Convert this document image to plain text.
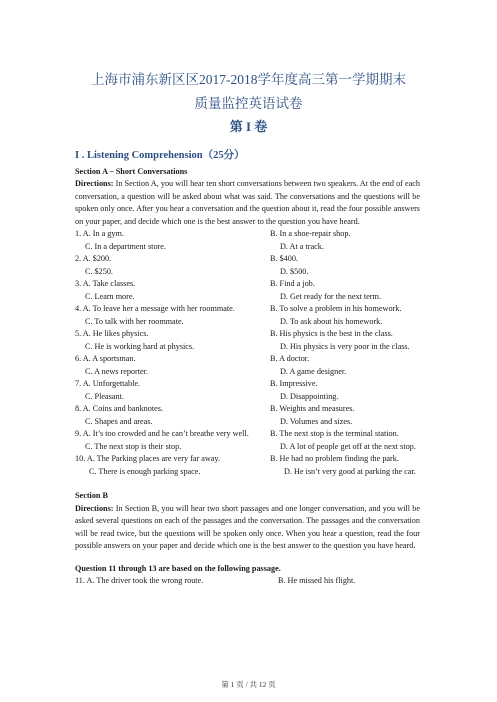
上海市浦东新区区2017-2018学年度高三第一学期期末
质量监控英语试卷
第 I 卷
I . Listening Comprehension（25分）
Section A – Short Conversations
Directions: In Section A, you will hear ten short conversations between two speakers. At the end of each conversation, a question will be asked about what was said. The conversations and the questions will be spoken only once. After you hear a conversation and the question about it, read the four possible answers on your paper, and decide which one is the best answer to the question you have heard.
1. A. In a gym.	B. In a shoe-repair shop.
C. In a department store.	D. At a track.
2. A. $200.	B. $400.
C. $250.	D. $500.
3. A. Take classes.	B. Find a job.
C. Learn more.	D. Get ready for the next term.
4. A. To leave her a message with her roommate.	B. To solve a problem in his homework.
C. To talk with her roommate.	D. To ask about his homework.
5. A. He likes physics.	B. His physics is the best in the class.
C. He is working hard at physics.	D. His physics is very poor in the class.
6. A. A sportsman.	B. A doctor.
C. A news reporter.	D. A game designer.
7. A. Unforgettable.	B. Impressive.
C. Pleasant.	D. Disappointing.
8. A. Coins and banknotes.	B. Weights and measures.
C. Shapes and areas.	D. Volumes and sizes.
9. A. It’s too crowded and he can’t breathe very well.	B. The next stop is the terminal station.
C. The next stop is their stop.	D. A lot of people get off at the next stop.
10. A. The Parking places are very far away.	B. He had no problem finding the park.
C. There is enough parking space.	D. He isn’t very good at parking the car.
Section B
Directions: In Section B, you will hear two short passages and one longer conversation, and you will be asked several questions on each of the passages and the conversation. The passages and the conversation will be read twice, but the questions will be spoken only once. When you hear a question, read the four possible answers on your paper and decide which one is the best answer to the question you have heard.
Question 11 through 13 are based on the following passage.
11. A. The driver took the wrong route.	B. He missed his flight.
第 1 页 / 共 12 页
